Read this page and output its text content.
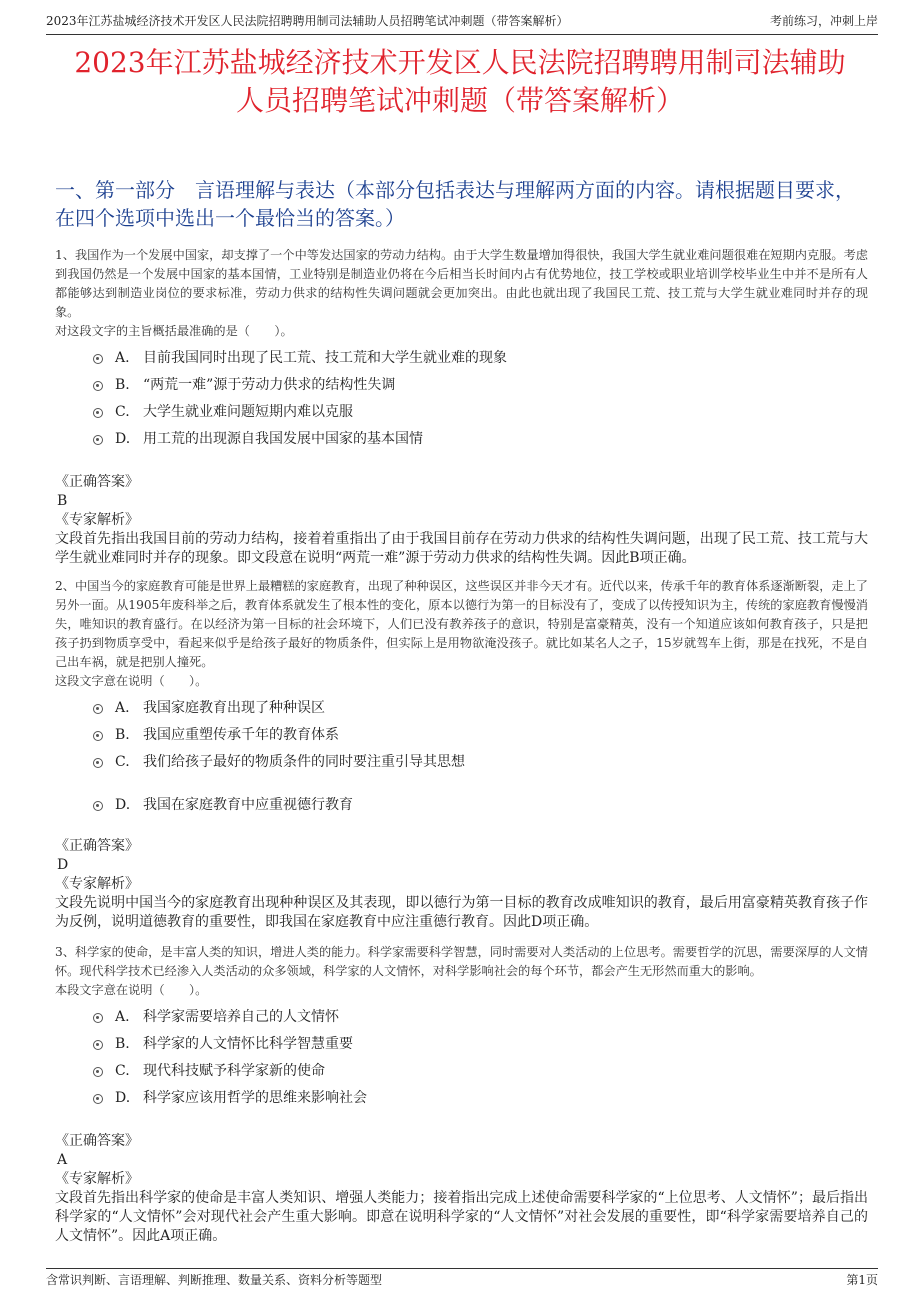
2023年江苏盐城经济技术开发区人民法院招聘聘用制司法辅助人员招聘笔试冲刺题（带答案解析）	考前练习，冲刺上岸
2023年江苏盐城经济技术开发区人民法院招聘聘用制司法辅助
人员招聘笔试冲刺题（带答案解析）
一、第一部分　言语理解与表达（本部分包括表达与理解两方面的内容。请根据题目要求，在四个选项中选出一个最恰当的答案。）
1、我国作为一个发展中国家，却支撑了一个中等发达国家的劳动力结构。由于大学生数量增加得很快，我国大学生就业难问题很难在短期内克服。考虑到我国仍然是一个发展中国家的基本国情，工业特别是制造业仍将在今后相当长时间内占有优势地位，技工学校或职业培训学校毕业生中并不是所有人都能够达到制造业岗位的要求标准，劳动力供求的结构性失调问题就会更加突出。由此也就出现了我国民工荒、技工荒与大学生就业难同时并存的现象。
对这段文字的主旨概括最准确的是（　　）。
A. 目前我国同时出现了民工荒、技工荒和大学生就业难的现象
B. “两荒一难”源于劳动力供求的结构性失调
C. 大学生就业难问题短期内难以克服
D. 用工荒的出现源自我国发展中国家的基本国情
《正确答案》
B
《专家解析》
文段首先指出我国目前的劳动力结构，接着着重指出了由于我国目前存在劳动力供求的结构性失调问题，出现了民工荒、技工荒与大学生就业难同时并存的现象。即文段意在说明“两荒一难”源于劳动力供求的结构性失调。因此B项正确。
2、中国当今的家庭教育可能是世界上最糟糕的家庭教育，出现了种种误区，这些误区并非今天才有。近代以来，传承千年的教育体系逐渐断裂，走上了另外一面。从1905年废科举之后，教育体系就发生了根本性的变化，原本以德行为第一的目标没有了，变成了以传授知识为主，传统的家庭教育慢慢消失，唯知识的教育盛行。在以经济为第一目标的社会环境下，人们已没有教养孩子的意识，特别是富豪精英，没有一个知道应该如何教育孩子，只是把孩子扔到物质享受中，看起来似乎是给孩子最好的物质条件，但实际上是用物欲淹没孩子。就比如某名人之子，15岁就驾车上街，那是在找死，不是自己出车祸，就是把别人撞死。
这段文字意在说明（　　）。
A. 我国家庭教育出现了种种误区
B. 我国应重塑传承千年的教育体系
C. 我们给孩子最好的物质条件的同时要注重引导其思想
D. 我国在家庭教育中应重视德行教育
《正确答案》
D
《专家解析》
文段先说明中国当今的家庭教育出现种种误区及其表现，即以德行为第一目标的教育改成唯知识的教育，最后用富豪精英教育孩子作为反例，说明道德教育的重要性，即我国在家庭教育中应注重德行教育。因此D项正确。
3、科学家的使命，是丰富人类的知识，增进人类的能力。科学家需要科学智慧，同时需要对人类活动的上位思考。需要哲学的沉思，需要深厚的人文情怀。现代科学技术已经渗入人类活动的众多领域，科学家的人文情怀，对科学影响社会的每个环节，都会产生无形然而重大的影响。
本段文字意在说明（　　）。
A. 科学家需要培养自己的人文情怀
B. 科学家的人文情怀比科学智慧重要
C. 现代科技赋予科学家新的使命
D. 科学家应该用哲学的思维来影响社会
《正确答案》
A
《专家解析》
文段首先指出科学家的使命是丰富人类知识、增强人类能力；接着指出完成上述使命需要科学家的“上位思考、人文情怀”；最后指出科学家的“人文情怀”会对现代社会产生重大影响。即意在说明科学家的“人文情怀”对社会发展的重要性，即“科学家需要培养自己的人文情怀”。因此A项正确。
含常识判断、言语理解、判断推理、数量关系、资料分析等题型	第1页
